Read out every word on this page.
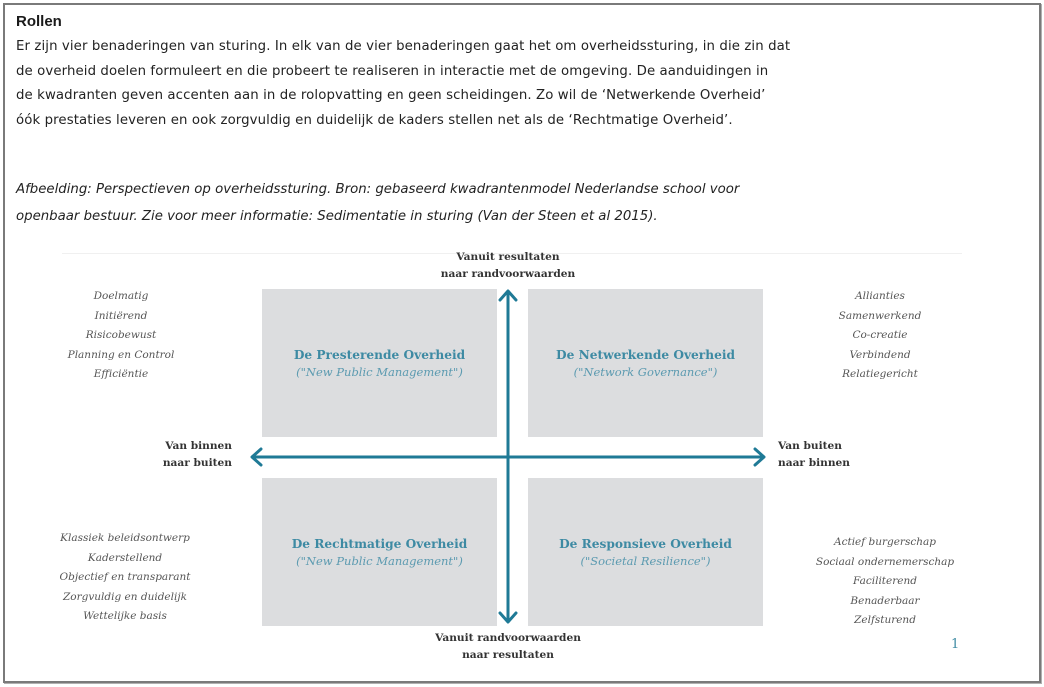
Rollen
Er zijn vier benaderingen van sturing. In elk van de vier benaderingen gaat het om overheidssturing, in die zin dat
de overheid doelen formuleert en die probeert te realiseren in interactie met de omgeving. De aanduidingen in
de kwadranten geven accenten aan in de rolopvatting en geen scheidingen. Zo wil de ‘Netwerkende Overheid’
óók prestaties leveren en ook zorgvuldig en duidelijk de kaders stellen net als de ‘Rechtmatige Overheid’.
Afbeelding: Perspectieven op overheidssturing. Bron: gebaseerd kwadrantenmodel Nederlandse school voor
openbaar bestuur. Zie voor meer informatie: Sedimentatie in sturing (Van der Steen et al 2015).
De Presterende Overheid
("New Public Management")
De Netwerkende Overheid
("Network Governance")
De Rechtmatige Overheid
("New Public Management")
De Responsieve Overheid
("Societal Resilience")
Vanuit resultaten
naar randvoorwaarden
Vanuit randvoorwaarden
naar resultaten
Van binnen
naar buiten
Van buiten
naar binnen
Doelmatig
Initiërend
Risicobewust
Planning en Control
Efficiëntie
Allianties
Samenwerkend
Co-creatie
Verbindend
Relatiegericht
Klassiek beleidsontwerp
Kaderstellend
Objectief en transparant
Zorgvuldig en duidelijk
Wettelijke basis
Actief burgerschap
Sociaal ondernemerschap
Faciliterend
Benaderbaar
Zelfsturend
1
